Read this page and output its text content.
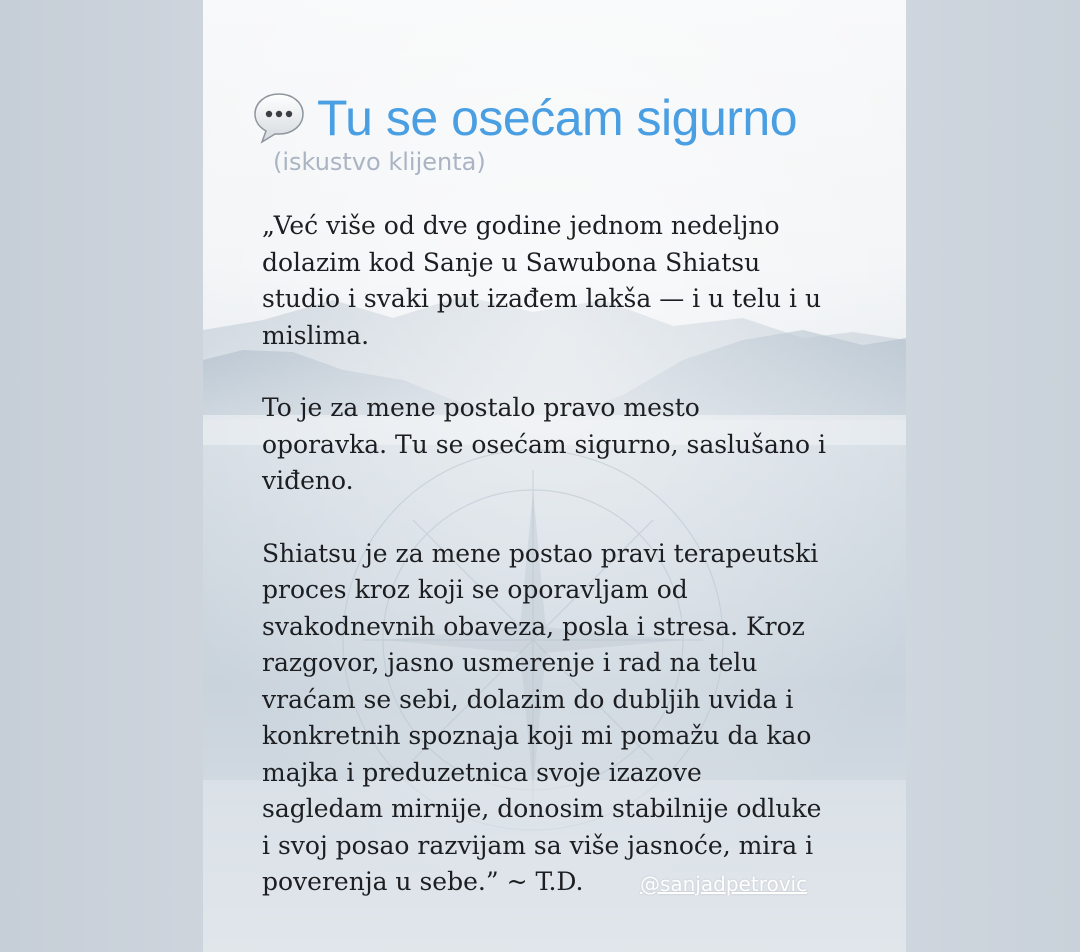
Tu se osećam sigurno
(iskustvo klijenta)

„Već više od dve godine jednom nedeljno

dolazim kod Sanje u Sawubona Shiatsu

studio i svaki put izađem lakša — i u telu i u

mislima.

To je za mene postalo pravo mesto

oporavka. Tu se osećam sigurno, saslušano i

viđeno.

Shiatsu je za mene postao pravi terapeutski

proces kroz koji se oporavljam od

svakodnevnih obaveza, posla i stresa. Kroz

razgovor, jasno usmerenje i rad na telu

vraćam se sebi, dolazim do dubljih uvida i

konkretnih spoznaja koji mi pomažu da kao

majka i preduzetnica svoje izazove

sagledam mirnije, donosim stabilnije odluke

i svoj posao razvijam sa više jasnoće, mira i

poverenja u sebe.” ~ T.D.	@sanjadpetrovic
